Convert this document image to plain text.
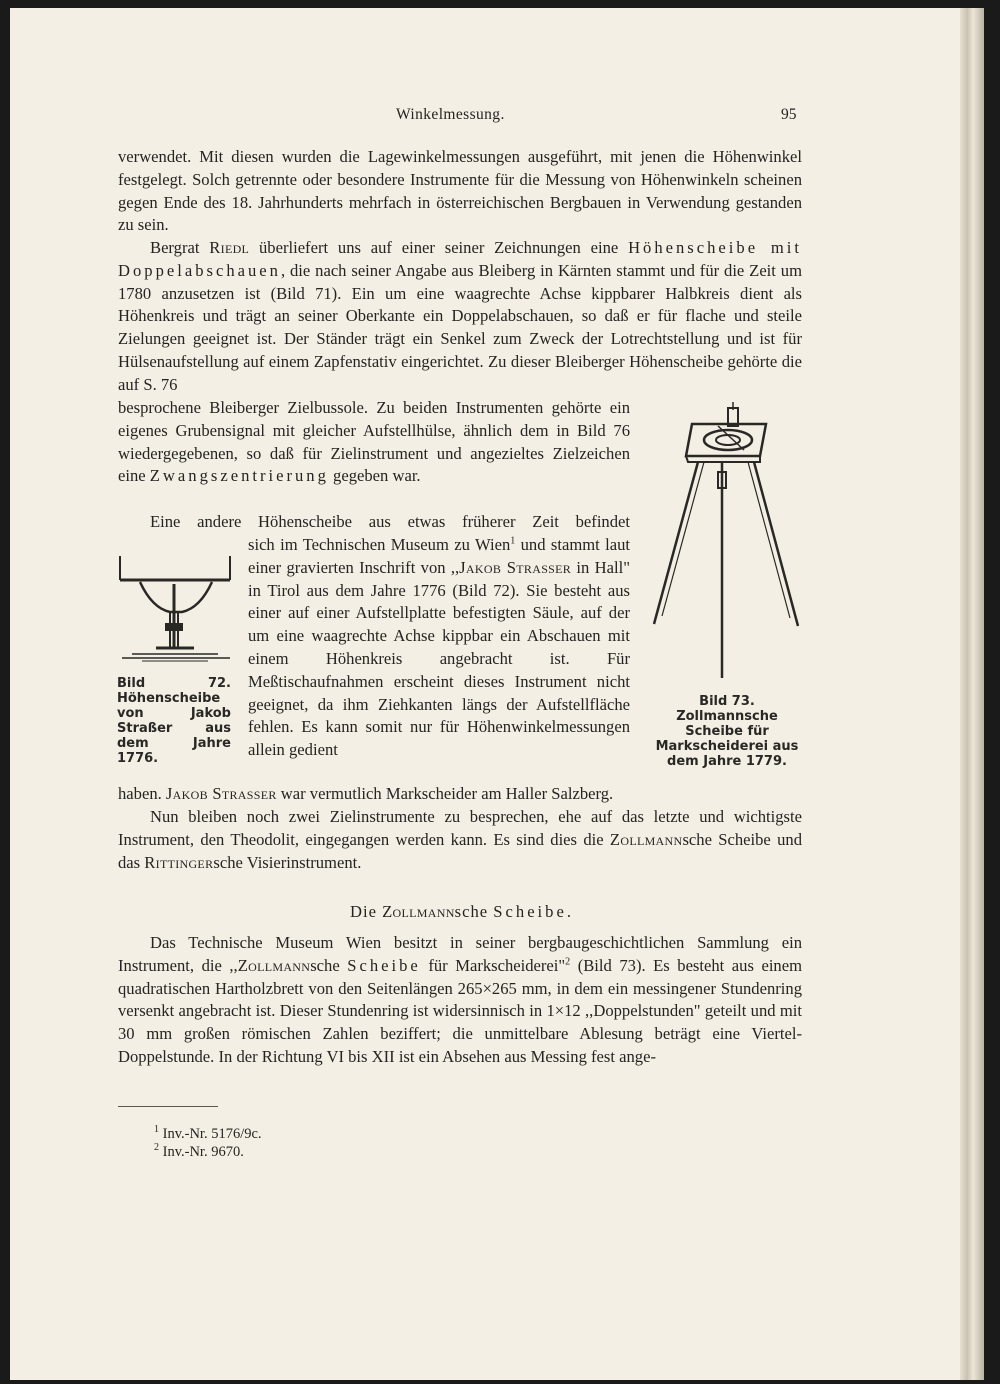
Winkelmessung.	95

verwendet. Mit diesen wurden die Lagewinkelmessungen ausgeführt, mit jenen die Höhenwinkel festgelegt. Solch getrennte oder besondere Instrumente für die Messung von Höhenwinkeln scheinen gegen Ende des 18. Jahrhunderts mehrfach in österreichischen Bergbauen in Verwendung gestanden zu sein.

Bergrat Riedl überliefert uns auf einer seiner Zeichnungen eine Höhenscheibe mit Doppelabschauen, die nach seiner Angabe aus Bleiberg in Kärnten stammt und für die Zeit um 1780 anzusetzen ist (Bild 71). Ein um eine waagrechte Achse kippbarer Halbkreis dient als Höhenkreis und trägt an seiner Oberkante ein Doppelabschauen, so daß er für flache und steile Zielungen geeignet ist. Der Ständer trägt ein Senkel zum Zweck der Lotrechtstellung und ist für Hülsenaufstellung auf einem Zapfenstativ eingerichtet. Zu dieser Bleiberger Höhenscheibe gehörte die auf S. 76

besprochene Bleiberger Zielbussole. Zu beiden Instrumenten gehörte ein eigenes Grubensignal mit gleicher Aufstellhülse, ähnlich dem in Bild 76 wiedergegebenen, so daß für Zielinstrument und angezieltes Zielzeichen eine Zwangszentrierung gegeben war.

Eine andere Höhenscheibe aus etwas früherer Zeit befindet

sich im Technischen Museum zu Wien$^1$ und stammt laut einer gravierten Inschrift von ,,Jakob Strasser in Hall" in Tirol aus dem Jahre 1776 (Bild 72). Sie besteht aus einer auf einer Aufstellplatte befestigten Säule, auf der um eine waagrechte Achse kippbar ein Abschauen mit einem Höhenkreis angebracht ist. Für Meßtischaufnahmen erscheint dieses Instrument nicht geeignet, da ihm Ziehkanten längs der Aufstellfläche fehlen. Es kann somit nur für Höhenwinkelmessungen allein gedient

haben. Jakob Strasser war vermutlich Markscheider am Haller Salzberg.

Nun bleiben noch zwei Zielinstrumente zu besprechen, ehe auf das letzte und wichtigste Instrument, den Theodolit, eingegangen werden kann. Es sind dies die Zollmannsche Scheibe und das Rittingersche Visierinstrument.

Die Zollmannsche Scheibe.

Das Technische Museum Wien besitzt in seiner bergbaugeschichtlichen Sammlung ein Instrument, die ,,Zollmannsche Scheibe für Markscheiderei"$^2$ (Bild 73). Es besteht aus einem quadratischen Hartholzbrett von den Seitenlängen 265×265 mm, in dem ein messingener Stundenring versenkt angebracht ist. Dieser Stundenring ist widersinnisch in 1×12 ,,Doppelstunden" geteilt und mit 30 mm großen römischen Zahlen beziffert; die unmittelbare Ablesung beträgt eine Viertel-Doppelstunde. In der Richtung VI bis XII ist ein Absehen aus Messing fest ange-

$^1$ Inv.-Nr. 5176/9c.
$^2$ Inv.-Nr. 9670.

Bild 72. Höhenscheibe von Jakob Straßer aus dem Jahre 1776.

Bild 73. Zollmannsche Scheibe für Markscheiderei aus dem Jahre 1779.
